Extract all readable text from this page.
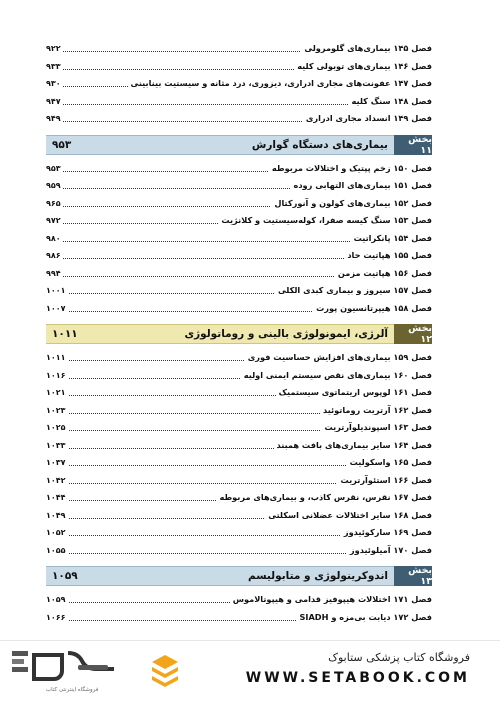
فصل ۱۴۵ بیماری‌های گلومرولی
۹۲۲
فصل ۱۴۶ بیماری‌های توبولی کلیه
۹۳۳
فصل ۱۴۷ عفونت‌های مجاری ادراری، دیزوری، درد مثانه و سیستیت بینابینی
۹۳۰
فصل ۱۴۸ سنگ کلیه
۹۴۷
فصل ۱۴۹ انسداد مجاری ادراری
۹۴۹
بخش ۱۱
بیماری‌های دستگاه گوارش
۹۵۳
فصل ۱۵۰ زخم پپتیک و اختلالات مربوطه
۹۵۳
فصل ۱۵۱ بیماری‌های التهابی روده
۹۵۹
فصل ۱۵۲ بیماری‌های کولون و آنورکتال
۹۶۵
فصل ۱۵۳ سنگ کیسه صفرا، کوله‌سیستیت و کلانژیت
۹۷۲
فصل ۱۵۴ پانکراتیت
۹۸۰
فصل ۱۵۵ هپاتیت حاد
۹۸۶
فصل ۱۵۶ هپاتیت مزمن
۹۹۴
فصل ۱۵۷ سیروز و بیماری کبدی الکلی
۱۰۰۱
فصل ۱۵۸ هیپرتانسیون پورت
۱۰۰۷
بخش ۱۲
آلرژی، ایمونولوژی بالینی و روماتولوژی
۱۰۱۱
فصل ۱۵۹ بیماری‌های افزایش حساسیت فوری
۱۰۱۱
فصل ۱۶۰ بیماری‌های نقص سیستم ایمنی اولیه
۱۰۱۶
فصل ۱۶۱ لوپوس اریتماتوی سیستمیک
۱۰۲۱
فصل ۱۶۲ آرتریت روماتوئید
۱۰۲۳
فصل ۱۶۳ اسپوندیلوآرتریت
۱۰۲۵
فصل ۱۶۴ سایر بیماری‌های بافت همبند
۱۰۳۳
فصل ۱۶۵ واسکولیت
۱۰۳۷
فصل ۱۶۶ استئوآرتریت
۱۰۴۲
فصل ۱۶۷ نقرس، نقرس کاذب، و بیماری‌های مربوطه
۱۰۴۴
فصل ۱۶۸ سایر اختلالات عضلانی اسکلتی
۱۰۴۹
فصل ۱۶۹ سارکوئیدوز
۱۰۵۲
فصل ۱۷۰ آمیلوئیدوز
۱۰۵۵
بخش ۱۳
اندوکرینولوژی و متابولیسم
۱۰۵۹
فصل ۱۷۱ اختلالات هیپوفیز قدامی و هیپوتالاموس
۱۰۵۹
فصل ۱۷۲ دیابت بی‌مزه و SIADH
۱۰۶۶
فروشگاه اینترنتی کتاب
فروشگاه کتاب پزشکی ستابوک
WWW.SETABOOK.COM
